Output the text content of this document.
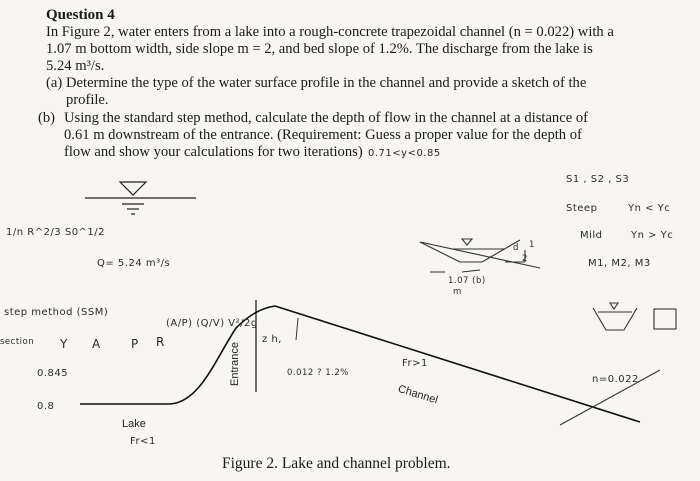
Question 4
In Figure 2, water enters from a lake into a rough-concrete trapezoidal channel (n = 0.022) with a
1.07 m bottom width, side slope m = 2, and bed slope of 1.2%. The discharge from the lake is
5.24 m³/s.
(a) Determine the type of the water surface profile in the channel and provide a sketch of the
profile.
(b) Using the standard step method, calculate the depth of flow in the channel at a distance of
0.61 m downstream of the entrance. (Requirement: Guess a proper value for the depth of
flow and show your calculations for two iterations) 0.71<y<0.85
1/n R^2/3 S0^1/2
Q= 5.24 m³/s
step method (SSM)
section Y A	P R
(A/P) (Q/V) V²/2g
0.845
0.8
Lake
Fr<1
Entrance
z h,
0.012 ? 1.2%
Fr>1
Channel
S1 , S2 , S3
Steep	Yn < Yc
Mild	Yn > Yc
M1, M2, M3
1.07 (b)
m
2
1
d
n=0.022
Figure 2. Lake and channel problem.
